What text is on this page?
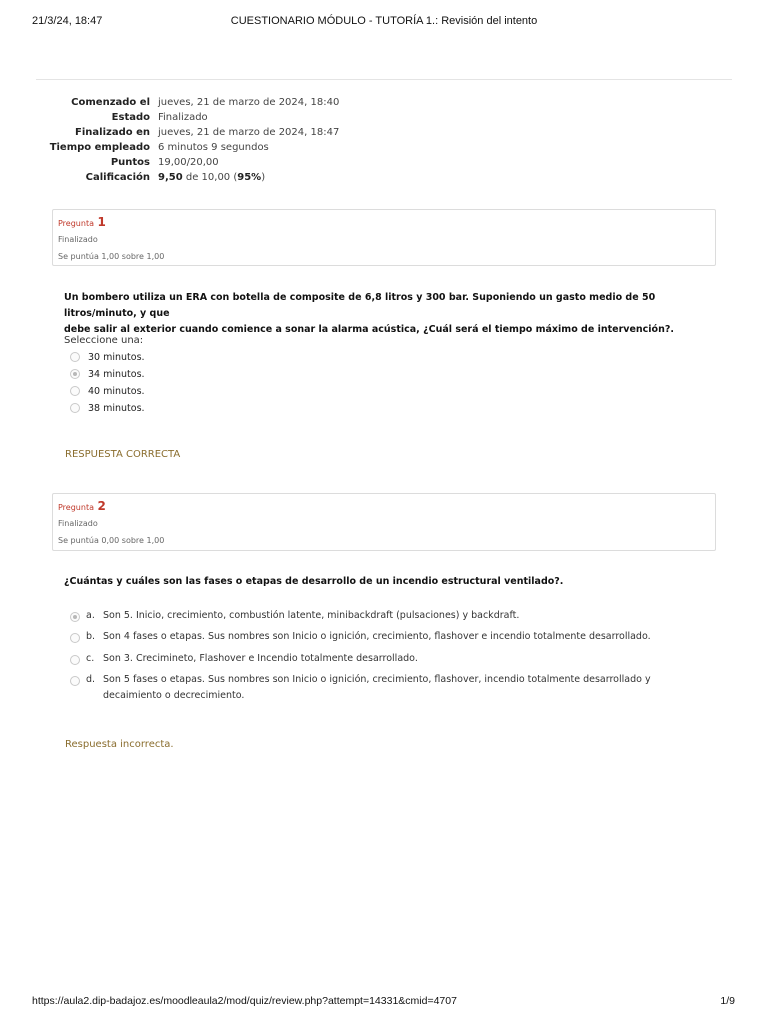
21/3/24, 18:47	CUESTIONARIO MÓDULO - TUTORÍA 1.: Revisión del intento
Comenzado el	jueves, 21 de marzo de 2024, 18:40
Estado	Finalizado
Finalizado en	jueves, 21 de marzo de 2024, 18:47
Tiempo empleado	6 minutos 9 segundos
Puntos	19,00/20,00
Calificación	9,50 de 10,00 (95%)
Pregunta 1
Finalizado
Se puntúa 1,00 sobre 1,00
Un bombero utiliza un ERA con botella de composite de 6,8 litros y 300 bar. Suponiendo un gasto medio de 50 litros/minuto, y que
debe salir al exterior cuando comience a sonar la alarma acústica, ¿Cuál será el tiempo máximo de intervención?.
Seleccione una:
30 minutos.
34 minutos.
40 minutos.
38 minutos.
RESPUESTA CORRECTA
Pregunta 2
Finalizado
Se puntúa 0,00 sobre 1,00
¿Cuántas y cuáles son las fases o etapas de desarrollo de un incendio estructural ventilado?.
a. Son 5. Inicio, crecimiento, combustión latente, minibackdraft (pulsaciones) y backdraft.
b. Son 4 fases o etapas. Sus nombres son Inicio o ignición, crecimiento, flashover e incendio totalmente desarrollado.
c. Son 3. Crecimineto, Flashover e Incendio totalmente desarrollado.
d. Son 5 fases o etapas. Sus nombres son Inicio o ignición, crecimiento, flashover, incendio totalmente desarrollado y decaimiento o decrecimiento.
Respuesta incorrecta.
https://aula2.dip-badajoz.es/moodleaula2/mod/quiz/review.php?attempt=14331&cmid=4707	1/9
